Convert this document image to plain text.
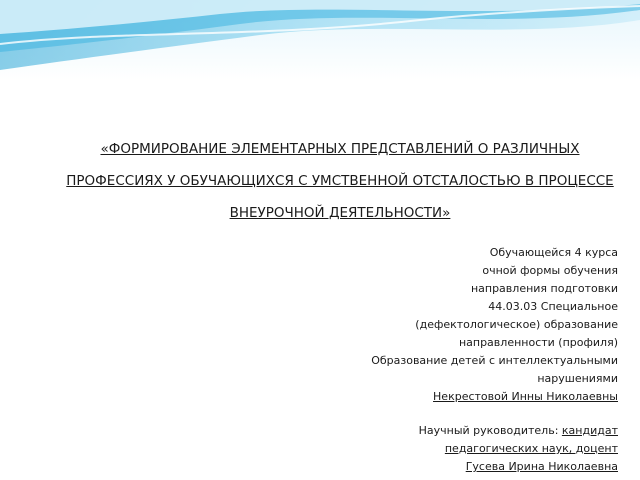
«ФОРМИРОВАНИЕ ЭЛЕМЕНТАРНЫХ ПРЕДСТАВЛЕНИЙ О РАЗЛИЧНЫХ ПРОФЕССИЯХ У ОБУЧАЮЩИХСЯ С УМСТВЕННОЙ ОТСТАЛОСТЬЮ В ПРОЦЕССЕ ВНЕУРОЧНОЙ ДЕЯТЕЛЬНОСТИ»
Обучающейся 4 курса
очной формы обучения
направления подготовки
44.03.03 Специальное
(дефектологическое) образование
направленности (профиля)
Образование детей с интеллектуальными
нарушениями
Некрестовой Инны Николаевны
Научный руководитель: кандидат
педагогических наук, доцент
Гусева Ирина Николаевна
